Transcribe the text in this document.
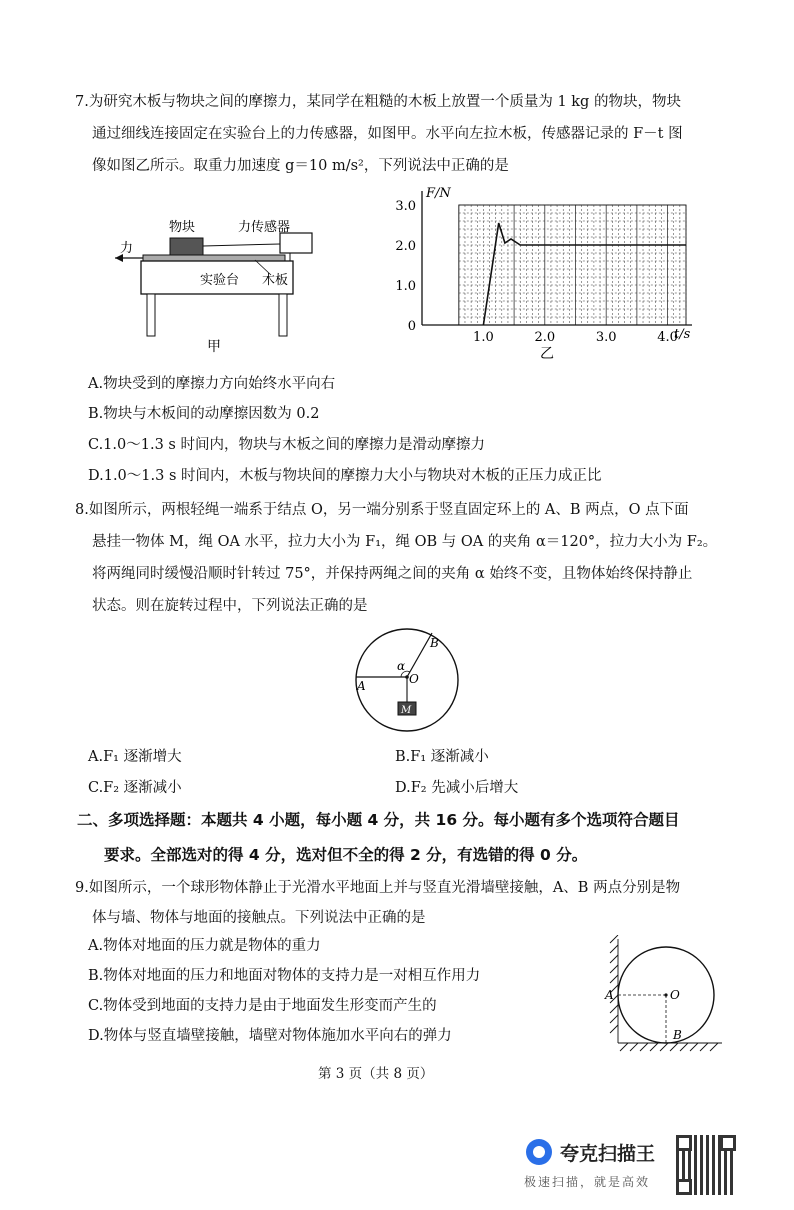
7.为研究木板与物块之间的摩擦力，某同学在粗糙的木板上放置一个质量为 1 kg 的物块，物块
通过细线连接固定在实验台上的力传感器，如图甲。水平向左拉木板，传感器记录的 F－t 图
像如图乙所示。取重力加速度 g＝10 m/s²，下列说法中正确的是
物块	力传感器
力
实验台 木板
甲
3.0
2.0
1.0
0
1.0	2.0	3.0	4.0
F/N
t/s
乙
A.物块受到的摩擦力方向始终水平向右
B.物块与木板间的动摩擦因数为 0.2
C.1.0～1.3 s 时间内，物块与木板之间的摩擦力是滑动摩擦力
D.1.0～1.3 s 时间内，木板与物块间的摩擦力大小与物块对木板的正压力成正比
8.如图所示，两根轻绳一端系于结点 O，另一端分别系于竖直固定环上的 A、B 两点，O 点下面
悬挂一物体 M，绳 OA 水平，拉力大小为 F₁，绳 OB 与 OA 的夹角 α＝120°，拉力大小为 F₂。
将两绳同时缓慢沿顺时针转过 75°，并保持两绳之间的夹角 α 始终不变，且物体始终保持静止
状态。则在旋转过程中，下列说法正确的是
A
B
O
α
M
A.F₁ 逐渐增大	B.F₁ 逐渐减小
C.F₂ 逐渐减小	D.F₂ 先减小后增大
二、多项选择题：本题共 4 小题，每小题 4 分，共 16 分。每小题有多个选项符合题目
要求。全部选对的得 4 分，选对但不全的得 2 分，有选错的得 0 分。
9.如图所示，一个球形物体静止于光滑水平地面上并与竖直光滑墙壁接触，A、B 两点分别是物
体与墙、物体与地面的接触点。下列说法中正确的是
A.物体对地面的压力就是物体的重力
B.物体对地面的压力和地面对物体的支持力是一对相互作用力
C.物体受到地面的支持力是由于地面发生形变而产生的
D.物体与竖直墙壁接触，墙壁对物体施加水平向右的弹力
A	O
B
第 3 页（共 8 页）
夸克扫描王
极速扫描，就是高效
